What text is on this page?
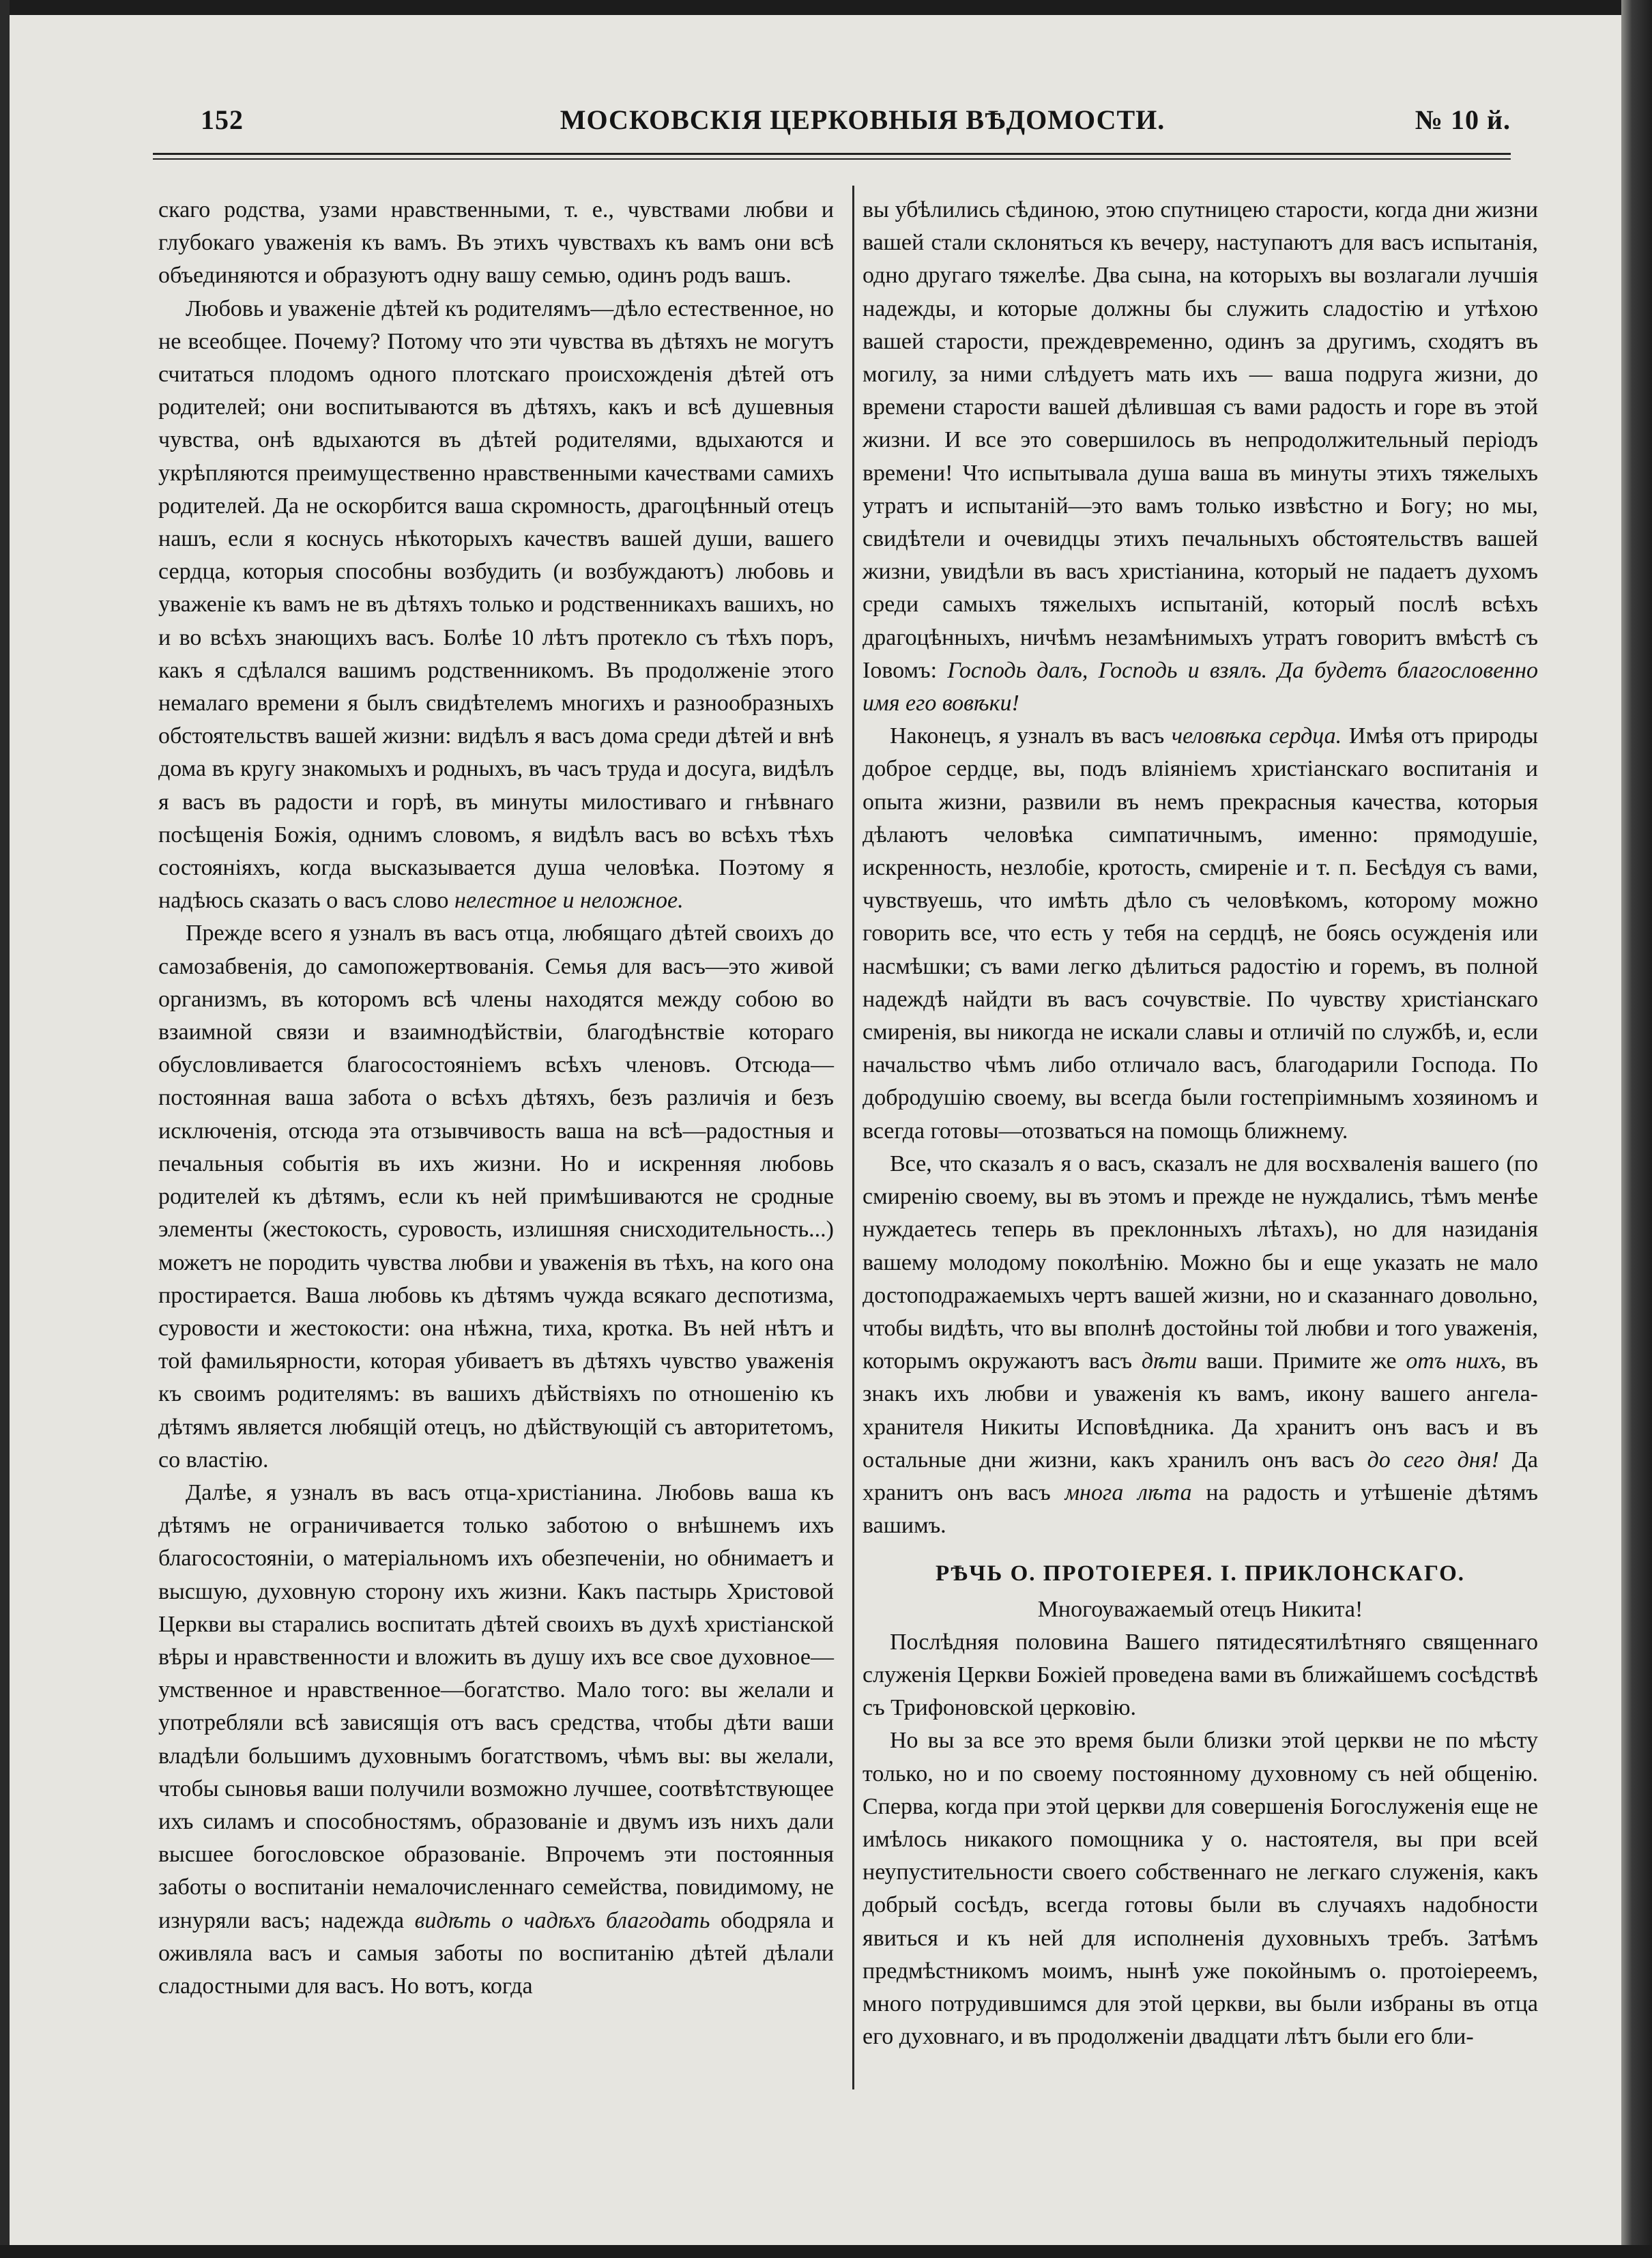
152	МОСКОВСКІЯ ЦЕРКОВНЫЯ ВѢДОМОСТИ.	№ 10 й.

скаго родства, узами нравственными, т. е., чувствами любви и глубокаго уваженія къ вамъ. Въ этихъ чувствахъ къ вамъ они всѣ объединяются и образуютъ одну вашу семью, одинъ родъ вашъ.

Любовь и уваженіе дѣтей къ родителямъ—дѣло естественное, но не всеобщее. Почему? Потому что эти чувства въ дѣтяхъ не могутъ считаться плодомъ одного плотскаго происхожденія дѣтей отъ родителей; они воспитываются въ дѣтяхъ, какъ и всѣ душевныя чувства, онѣ вдыхаются въ дѣтей родителями, вдыхаются и укрѣпляются преимущественно нравственными качествами самихъ родителей. Да не оскорбится ваша скромность, драгоцѣнный отецъ нашъ, если я коснусь нѣкоторыхъ качествъ вашей души, вашего сердца, которыя способны возбудить (и возбуждаютъ) любовь и уваженіе къ вамъ не въ дѣтяхъ только и родственникахъ вашихъ, но и во всѣхъ знающихъ васъ. Болѣе 10 лѣтъ протекло съ тѣхъ поръ, какъ я сдѣлался вашимъ родственникомъ. Въ продолженіе этого немалаго времени я былъ свидѣтелемъ многихъ и разнообразныхъ обстоятельствъ вашей жизни: видѣлъ я васъ дома среди дѣтей и внѣ дома въ кругу знакомыхъ и родныхъ, въ часъ труда и досуга, видѣлъ я васъ въ радости и горѣ, въ минуты милостиваго и гнѣвнаго посѣщенія Божія, однимъ словомъ, я видѣлъ васъ во всѣхъ тѣхъ состояніяхъ, когда высказывается душа человѣка. Поэтому я надѣюсь сказать о васъ слово нелестное и неложное.

Прежде всего я узналъ въ васъ отца, любящаго дѣтей своихъ до самозабвенія, до самопожертвованія. Семья для васъ—это живой организмъ, въ которомъ всѣ члены находятся между собою во взаимной связи и взаимнодѣйствіи, благодѣнствіе котораго обусловливается благосостояніемъ всѣхъ членовъ. Отсюда—постоянная ваша забота о всѣхъ дѣтяхъ, безъ различія и безъ исключенія, отсюда эта отзывчивость ваша на всѣ—радостныя и печальныя событія въ ихъ жизни. Но и искренняя любовь родителей къ дѣтямъ, если къ ней примѣшиваются не сродные элементы (жестокость, суровость, излишняя снисходительность...) можетъ не породить чувства любви и уваженія въ тѣхъ, на кого она простирается. Ваша любовь къ дѣтямъ чужда всякаго деспотизма, суровости и жестокости: она нѣжна, тиха, кротка. Въ ней нѣтъ и той фамильярности, которая убиваетъ въ дѣтяхъ чувство уваженія къ своимъ родителямъ: въ вашихъ дѣйствіяхъ по отношенію къ дѣтямъ является любящій отецъ, но дѣйствующій съ авторитетомъ, со властію.

Далѣе, я узналъ въ васъ отца-христіанина. Любовь ваша къ дѣтямъ не ограничивается только заботою о внѣшнемъ ихъ благосостояніи, о матеріальномъ ихъ обезпеченіи, но обнимаетъ и высшую, духовную сторону ихъ жизни. Какъ пастырь Христовой Церкви вы старались воспитать дѣтей своихъ въ духѣ христіанской вѣры и нравственности и вложить въ душу ихъ все свое духовное—умственное и нравственное—богатство. Мало того: вы желали и употребляли всѣ зависящія отъ васъ средства, чтобы дѣти ваши владѣли большимъ духовнымъ богатствомъ, чѣмъ вы: вы желали, чтобы сыновья ваши получили возможно лучшее, соотвѣтствующее ихъ силамъ и способностямъ, образованіе и двумъ изъ нихъ дали высшее богословское образованіе. Впрочемъ эти постоянныя заботы о воспитаніи немалочисленнаго семейства, повидимому, не изнуряли васъ; надежда видѣть о чадѣхъ благодать ободряла и оживляла васъ и самыя заботы по воспитанію дѣтей дѣлали сладостными для васъ. Но вотъ, когда

вы убѣлились сѣдиною, этою спутницею старости, когда дни жизни вашей стали склоняться къ вечеру, наступаютъ для васъ испытанія, одно другаго тяжелѣе. Два сына, на которыхъ вы возлагали лучшія надежды, и которые должны бы служить сладостію и утѣхою вашей старости, преждевременно, одинъ за другимъ, сходятъ въ могилу, за ними слѣдуетъ мать ихъ — ваша подруга жизни, до времени старости вашей дѣлившая съ вами радость и горе въ этой жизни. И все это совершилось въ непродолжительный періодъ времени! Что испытывала душа ваша въ минуты этихъ тяжелыхъ утратъ и испытаній—это вамъ только извѣстно и Богу; но мы, свидѣтели и очевидцы этихъ печальныхъ обстоятельствъ вашей жизни, увидѣли въ васъ христіанина, который не падаетъ духомъ среди самыхъ тяжелыхъ испытаній, который послѣ всѣхъ драгоцѣнныхъ, ничѣмъ незамѣнимыхъ утратъ говоритъ вмѣстѣ съ Іовомъ: Господь далъ, Господь и взялъ. Да будетъ благословенно имя его вовѣки!

Наконецъ, я узналъ въ васъ человѣка сердца. Имѣя отъ природы доброе сердце, вы, подъ вліяніемъ христіанскаго воспитанія и опыта жизни, развили въ немъ прекрасныя качества, которыя дѣлаютъ человѣка симпатичнымъ, именно: прямодушіе, искренность, незлобіе, кротость, смиреніе и т. п. Бесѣдуя съ вами, чувствуешь, что имѣть дѣло съ человѣкомъ, которому можно говорить все, что есть у тебя на сердцѣ, не боясь осужденія или насмѣшки; съ вами легко дѣлиться радостію и горемъ, въ полной надеждѣ найдти въ васъ сочувствіе. По чувству христіанскаго смиренія, вы никогда не искали славы и отличій по службѣ, и, если начальство чѣмъ либо отличало васъ, благодарили Господа. По добродушію своему, вы всегда были гостепріимнымъ хозяиномъ и всегда готовы—отозваться на помощь ближнему.

Все, что сказалъ я о васъ, сказалъ не для восхваленія вашего (по смиренію своему, вы въ этомъ и прежде не нуждались, тѣмъ менѣе нуждаетесь теперь въ преклонныхъ лѣтахъ), но для назиданія вашему молодому поколѣнію. Можно бы и еще указать не мало достоподражаемыхъ чертъ вашей жизни, но и сказаннаго довольно, чтобы видѣть, что вы вполнѣ достойны той любви и того уваженія, которымъ окружаютъ васъ дѣти ваши. Примите же отъ нихъ, въ знакъ ихъ любви и уваженія къ вамъ, икону вашего ангела-хранителя Никиты Исповѣдника. Да хранитъ онъ васъ и въ остальные дни жизни, какъ хранилъ онъ васъ до сего дня! Да хранитъ онъ васъ многа лѣта на радость и утѣшеніе дѣтямъ вашимъ.

РѢЧЬ О. ПРОТОІЕРЕЯ. І. ПРИКЛОНСКАГО.

Многоуважаемый отецъ Никита!

Послѣдняя половина Вашего пятидесятилѣтняго священнаго служенія Церкви Божіей проведена вами въ ближайшемъ сосѣдствѣ съ Трифоновской церковію.

Но вы за все это время были близки этой церкви не по мѣсту только, но и по своему постоянному духовному съ ней общенію. Сперва, когда при этой церкви для совершенія Богослуженія еще не имѣлось никакого помощника у о. настоятеля, вы при всей неупустительности своего собственнаго не легкаго служенія, какъ добрый сосѣдъ, всегда готовы были въ случаяхъ надобности явиться и къ ней для исполненія духовныхъ требъ. Затѣмъ предмѣстникомъ моимъ, нынѣ уже покойнымъ о. протоіереемъ, много потрудившимся для этой церкви, вы были избраны въ отца его духовнаго, и въ продолженіи двадцати лѣтъ были его бли-
